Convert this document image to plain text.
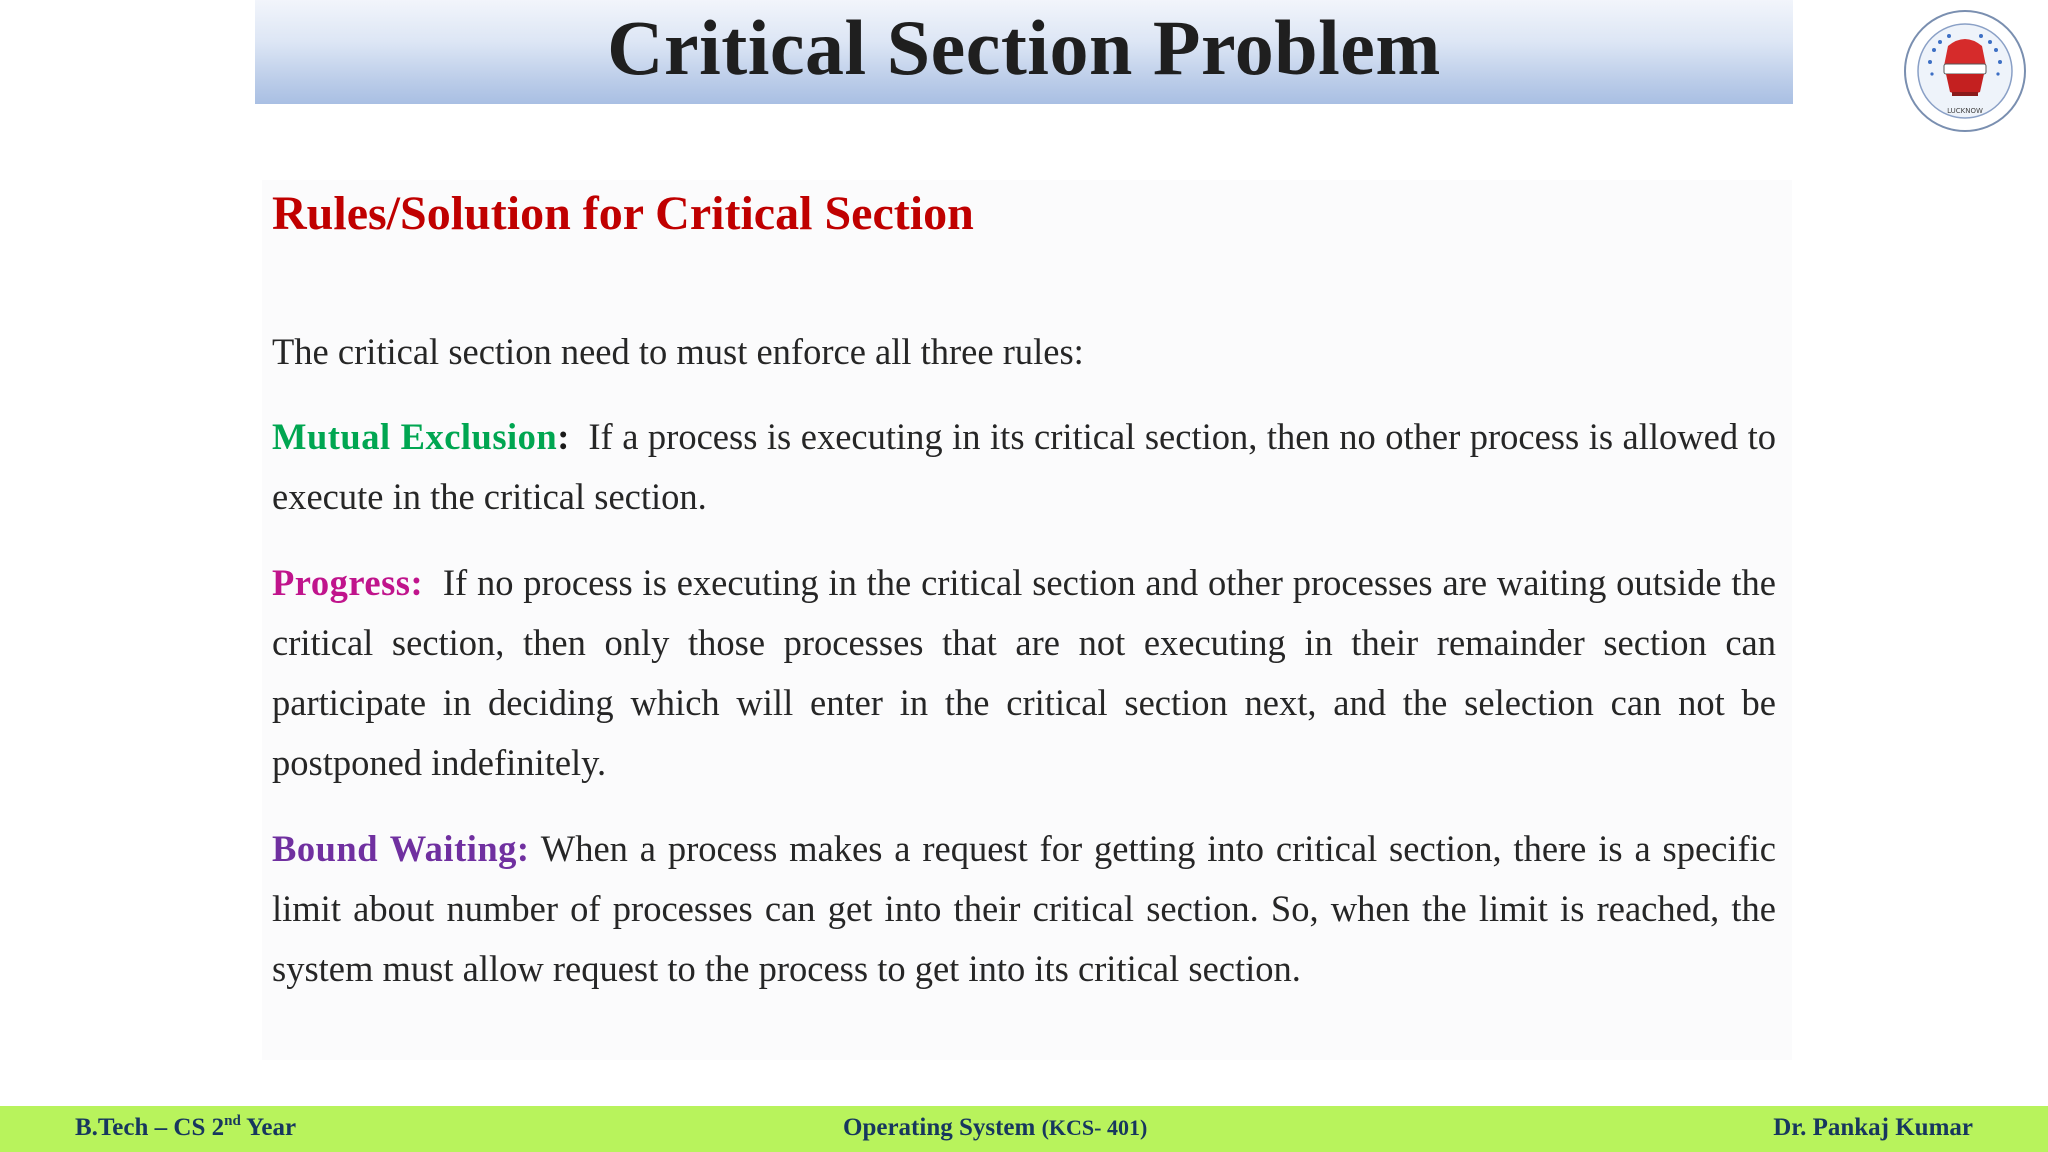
Critical Section Problem
LUCKNOW
Rules/Solution for Critical Section

The critical section need to must enforce all three rules:

Mutual Exclusion: If a process is executing in its critical section, then no other process is allowed to execute in the critical section.

Progress: If no process is executing in the critical section and other processes are waiting outside the critical section, then only those processes that are not executing in their remainder section can participate in deciding which will enter in the critical section next, and the selection can not be postponed indefinitely.

Bound Waiting: When a process makes a request for getting into critical section, there is a specific limit about number of processes can get into their critical section. So, when the limit is reached, the system must allow request to the process to get into its critical section.

B.Tech – CS 2nd Year	Operating System (KCS- 401)	Dr. Pankaj Kumar
